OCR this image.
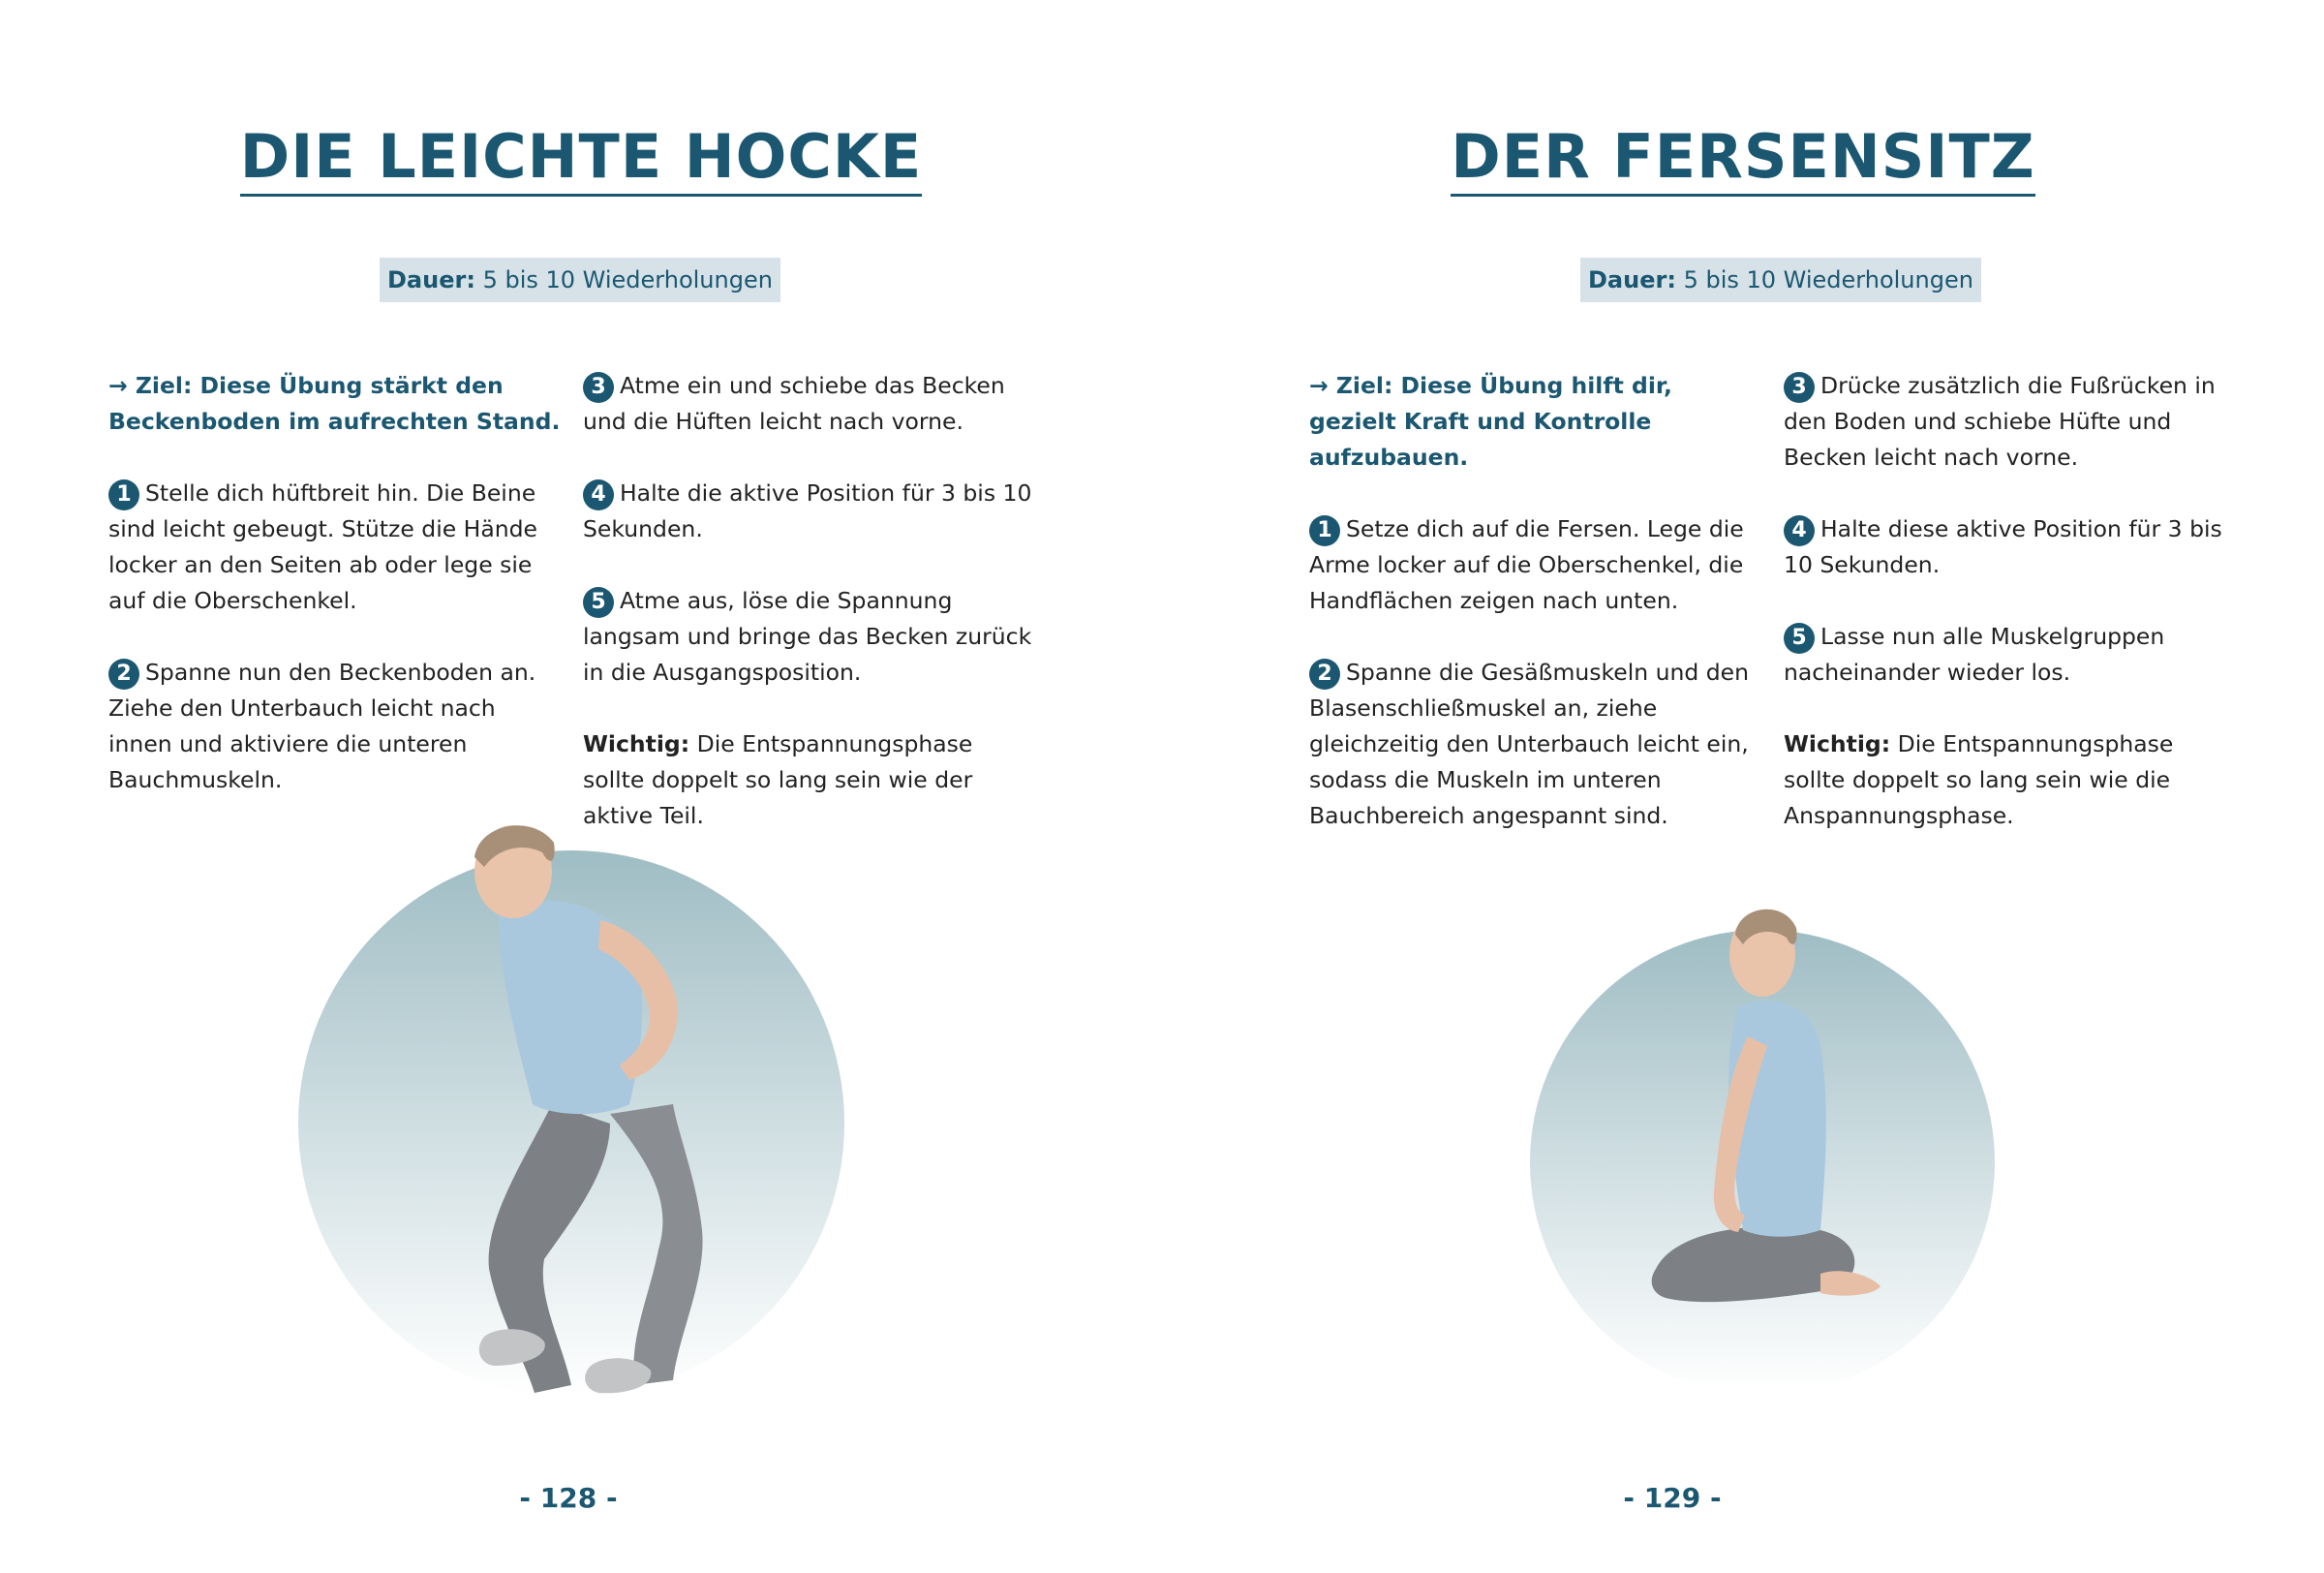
DIE LEICHTE HOCKE
Dauer: 5 bis 10 Wiederholungen

→ Ziel: Diese Übung stärkt den Beckenboden im aufrechten Stand.

1 Stelle dich hüftbreit hin. Die Beine sind leicht gebeugt. Stütze die Hände locker an den Seiten ab oder lege sie auf die Oberschenkel.

2 Spanne nun den Beckenboden an. Ziehe den Unterbauch leicht nach innen und aktiviere die unteren Bauchmuskeln.

3 Atme ein und schiebe das Becken und die Hüften leicht nach vorne.

4 Halte die aktive Position für 3 bis 10 Sekunden.

5 Atme aus, löse die Spannung langsam und bringe das Becken zurück in die Ausgangsposition.

Wichtig: Die Entspannungsphase sollte doppelt so lang sein wie der aktive Teil.

- 128 -
DER FERSENSITZ
Dauer: 5 bis 10 Wiederholungen

→ Ziel: Diese Übung hilft dir, gezielt Kraft und Kontrolle aufzubauen.

1 Setze dich auf die Fersen. Lege die Arme locker auf die Oberschenkel, die Handflächen zeigen nach unten.

2 Spanne die Gesäßmuskeln und den Blasenschließmuskel an, ziehe gleichzeitig den Unterbauch leicht ein, sodass die Muskeln im unteren Bauchbereich angespannt sind.

3 Drücke zusätzlich die Fußrücken in den Boden und schiebe Hüfte und Becken leicht nach vorne.

4 Halte diese aktive Position für 3 bis 10 Sekunden.

5 Lasse nun alle Muskelgruppen nacheinander wieder los.

Wichtig: Die Entspannungsphase sollte doppelt so lang sein wie die Anspannungsphase.

- 129 -
